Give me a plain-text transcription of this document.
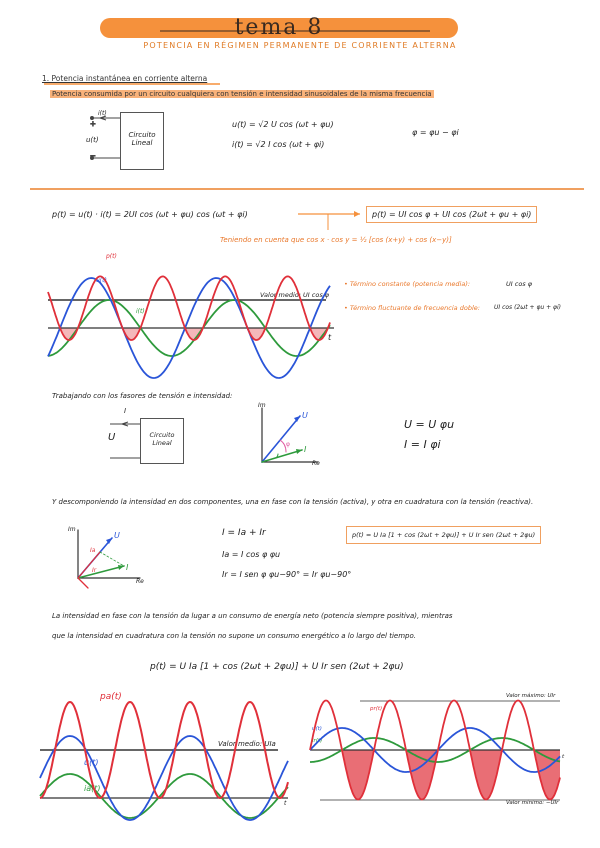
tema 8
POTENCIA EN RÉGIMEN PERMANENTE DE CORRIENTE ALTERNA
1. Potencia instantánea en corriente alterna
Potencia consumida por un circuito cualquiera con tensión e intensidad sinusoidales de la misma frecuencia
Circuito Lineal
i(t)
u(t)
u(t) = √2 U cos (ωt + φu)
i(t) = √2 I cos (ωt + φi)
φ = φu − φi
p(t) = u(t) · i(t) = 2UI cos (ωt + φu) cos (ωt + φi)	p(t) = UI cos φ + UI cos (2ωt + φu + φi)
Teniendo en cuenta que cos x · cos y = ½ [cos (x+y) + cos (x−y)]
p(t)
u(t)
i(t)
Valor medio: UI cos φ
t
• Término constante (potencia media):	UI cos φ
• Término fluctuante de frecuencia doble: UI cos (2ωt + φu + φi)
Trabajando con los fasores de tensión e intensidad:
Circuito Lineal
I
U
Im
Re
U = U φu
I = I φi
Y descomponiendo la intensidad en dos componentes, una en fase con la tensión (activa), y otra en cuadratura con la tensión (reactiva).
Im
Re
I = Ia + Ir
Ia = I cos φ φu
Ir = I sen φ φu−90° = Ir φu−90°
p(t) = U Ia [1 + cos (2ωt + 2φu)] + U Ir sen (2ωt + 2φu)
La intensidad en fase con la tensión da lugar a un consumo de energía neto (potencia siempre positiva), mientras
que la intensidad en cuadratura con la tensión no supone un consumo energético a lo largo del tiempo.
p(t) = U Ia [1 + cos (2ωt + 2φu)] + U Ir sen (2ωt + 2φu)
pa(t)
u(t)
ia(t)
Valor medio: UIa
t
Valor máximo: UIr
Valor mínimo: −UIr
u(t)
ir(t)
pr(t)
t
+
−
φ
U
I
U
I
Ia
Ir
